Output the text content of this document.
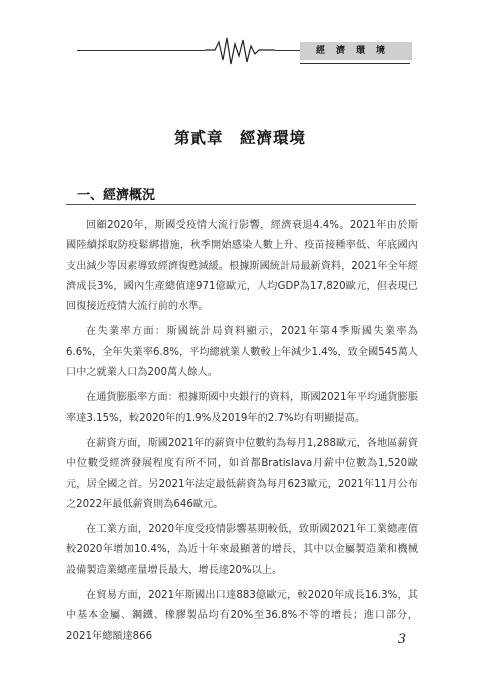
經濟環境
第貳章　經濟環境
一、經濟概況

回顧2020年，斯國受疫情大流行影響，經濟衰退4.4%。2021年由於斯國陸續採取防疫鬆綁措施，秋季開始感染人數上升、疫苗接種率低、年底國內支出減少等因素導致經濟復甦減緩。根據斯國統計局最新資料，2021年全年經濟成長3%，國內生產總值達971億歐元，人均GDP為17,820歐元，但表現已回復接近疫情大流行前的水準。

在失業率方面：斯國統計局資料顯示，2021年第4季斯國失業率為6.6%，全年失業率6.8%，平均總就業人數較上年減少1.4%，致全國545萬人口中之就業人口為200萬人餘人。

在通貨膨脹率方面：根據斯國中央銀行的資料，斯國2021年平均通貨膨脹率達3.15%，較2020年的1.9%及2019年的2.7%均有明顯提高。

在薪資方面，斯國2021年的薪資中位數約為每月1,288歐元，各地區薪資中位數受經濟發展程度有所不同，如首都Bratislava月薪中位數為1,520歐元，居全國之首。另2021年法定最低薪資為每月623歐元，2021年11月公布之2022年最低薪資則為646歐元。

在工業方面，2020年度受疫情影響基期較低，致斯國2021年工業總產值較2020年增加10.4%，為近十年來最顯著的增長，其中以金屬製造業和機械設備製造業總產量增長最大，增長達20%以上。

在貿易方面，2021年斯國出口達883億歐元，較2020年成長16.3%，其中基本金屬、鋼鐵、橡膠製品均有20%至36.8%不等的增長；進口部分，2021年總額達866	3
